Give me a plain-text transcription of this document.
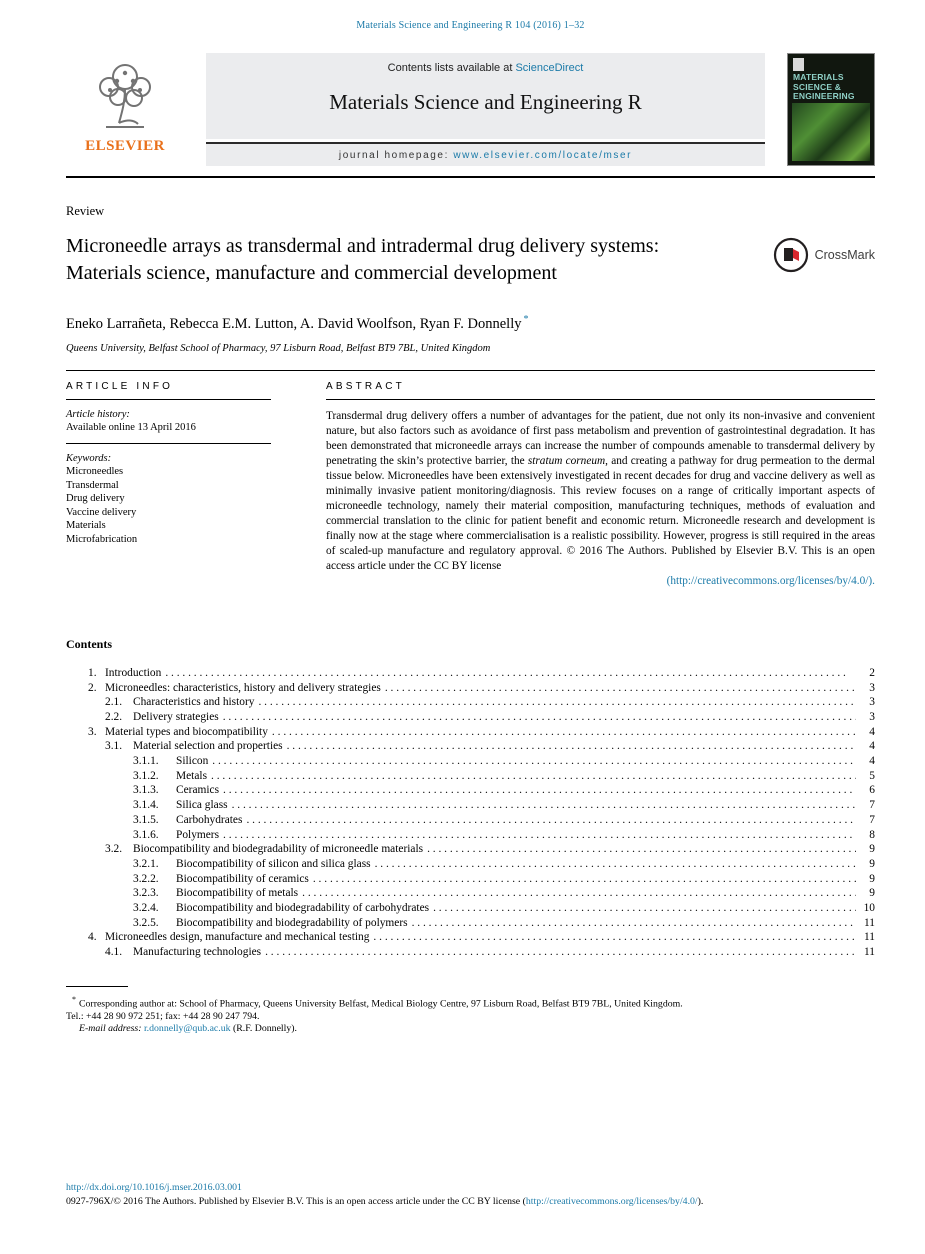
Materials Science and Engineering R 104 (2016) 1–32
ELSEVIER
Contents lists available at ScienceDirect
Materials Science and Engineering R
journal homepage: www.elsevier.com/locate/mser
MATERIALS
SCIENCE &
ENGINEERING
Review
Microneedle arrays as transdermal and intradermal drug delivery systems: Materials science, manufacture and commercial development
CrossMark
Eneko Larrañeta, Rebecca E.M. Lutton, A. David Woolfson, Ryan F. Donnelly *
Queens University, Belfast School of Pharmacy, 97 Lisburn Road, Belfast BT9 7BL, United Kingdom
ARTICLE INFO
Article history:
Available online 13 April 2016
Keywords:
Microneedles
Transdermal
Drug delivery
Vaccine delivery
Materials
Microfabrication
ABSTRACT
Transdermal drug delivery offers a number of advantages for the patient, due not only its non-invasive and convenient nature, but also factors such as avoidance of first pass metabolism and prevention of gastrointestinal degradation. It has been demonstrated that microneedle arrays can increase the number of compounds amenable to transdermal delivery by penetrating the skin’s protective barrier, the stratum corneum, and creating a pathway for drug permeation to the dermal tissue below. Microneedles have been extensively investigated in recent decades for drug and vaccine delivery as well as minimally invasive patient monitoring/diagnosis. This review focuses on a range of critically important aspects of microneedle technology, namely their material composition, manufacturing techniques, methods of evaluation and commercial translation to the clinic for patient benefit and economic return. Microneedle research and development is finally now at the stage where commercialisation is a realistic possibility. However, progress is still required in the areas of scaled-up manufacture and regulatory approval. © 2016 The Authors. Published by Elsevier B.V. This is an open access article under the CC BY license
(http://creativecommons.org/licenses/by/4.0/).
Contents
1. Introduction . . .	2
2. Microneedles: characteristics, history and delivery strategies . . .	3
2.1. Characteristics and history . . .	3
2.2. Delivery strategies . . .	3
3. Material types and biocompatibility . . .	4
3.1. Material selection and properties . . .	4
3.1.1.	Silicon . . .	4
3.1.2.	Metals . . .	5
3.1.3.	Ceramics . . .	6
3.1.4.	Silica glass . . .	7
3.1.5.	Carbohydrates . . .	7
3.1.6.	Polymers . . .	8
3.2. Biocompatibility and biodegradability of microneedle materials . . .	9
3.2.1.	Biocompatibility of silicon and silica glass . . .	9
3.2.2.	Biocompatibility of ceramics . . .	9
3.2.3.	Biocompatibility of metals . . .	9
3.2.4.	Biocompatibility and biodegradability of carbohydrates . . .	10
3.2.5.	Biocompatibility and biodegradability of polymers . . .	11
4. Microneedles design, manufacture and mechanical testing . . .	11
4.1. Manufacturing technologies . . .	11
* Corresponding author at: School of Pharmacy, Queens University Belfast, Medical Biology Centre, 97 Lisburn Road, Belfast BT9 7BL, United Kingdom.
Tel.: +44 28 90 972 251; fax: +44 28 90 247 794.
E-mail address: r.donnelly@qub.ac.uk (R.F. Donnelly).
http://dx.doi.org/10.1016/j.mser.2016.03.001
0927-796X/© 2016 The Authors. Published by Elsevier B.V. This is an open access article under the CC BY license (http://creativecommons.org/licenses/by/4.0/).
